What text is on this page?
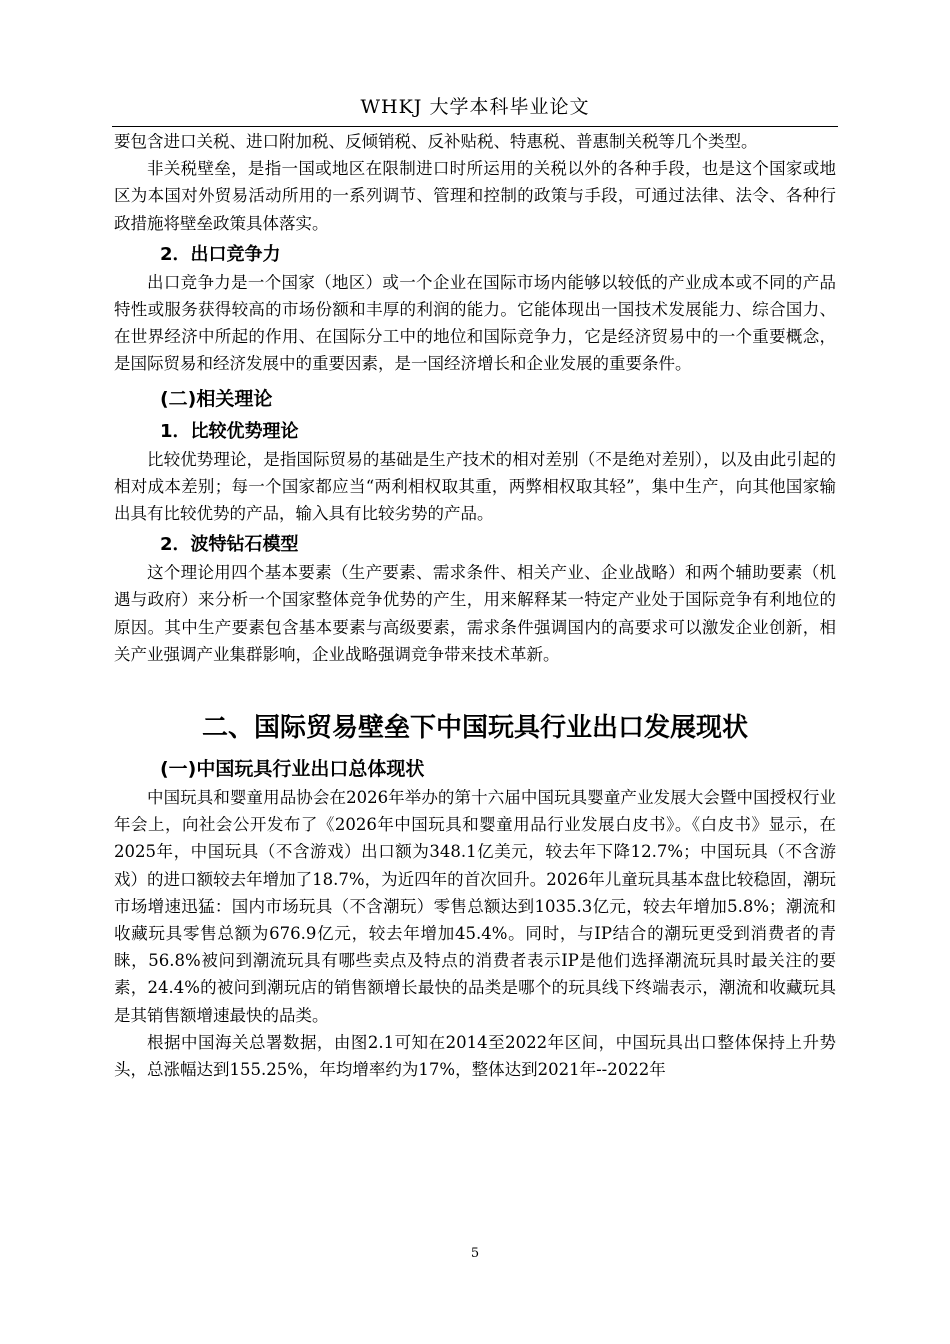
WHKJ 大学本科毕业论文

要包含进口关税、进口附加税、反倾销税、反补贴税、特惠税、普惠制关税等几个类型。

非关税壁垒，是指一国或地区在限制进口时所运用的关税以外的各种手段，也是这个国家或地区为本国对外贸易活动所用的一系列调节、管理和控制的政策与手段，可通过法律、法令、各种行政措施将壁垒政策具体落实。

2．出口竞争力

出口竞争力是一个国家（地区）或一个企业在国际市场内能够以较低的产业成本或不同的产品特性或服务获得较高的市场份额和丰厚的利润的能力。它能体现出一国技术发展能力、综合国力、在世界经济中所起的作用、在国际分工中的地位和国际竞争力，它是经济贸易中的一个重要概念，是国际贸易和经济发展中的重要因素，是一国经济增长和企业发展的重要条件。

(二)相关理论
1．比较优势理论

比较优势理论，是指国际贸易的基础是生产技术的相对差别（不是绝对差别），以及由此引起的相对成本差别；每一个国家都应当“两利相权取其重，两弊相权取其轻”，集中生产，向其他国家输出具有比较优势的产品，输入具有比较劣势的产品。

2．波特钻石模型

这个理论用四个基本要素（生产要素、需求条件、相关产业、企业战略）和两个辅助要素（机遇与政府）来分析一个国家整体竞争优势的产生，用来解释某一特定产业处于国际竞争有利地位的原因。其中生产要素包含基本要素与高级要素，需求条件强调国内的高要求可以激发企业创新，相关产业强调产业集群影响，企业战略强调竞争带来技术革新。

二、国际贸易壁垒下中国玩具行业出口发展现状
(一)中国玩具行业出口总体现状

中国玩具和婴童用品协会在2026年举办的第十六届中国玩具婴童产业发展大会暨中国授权行业年会上，向社会公开发布了《2026年中国玩具和婴童用品行业发展白皮书》。《白皮书》显示，在2025年，中国玩具（不含游戏）出口额为348.1亿美元，较去年下降12.7%；中国玩具（不含游戏）的进口额较去年增加了18.7%，为近四年的首次回升。2026年儿童玩具基本盘比较稳固，潮玩市场增速迅猛：国内市场玩具（不含潮玩）零售总额达到1035.3亿元，较去年增加5.8%；潮流和收藏玩具零售总额为676.9亿元，较去年增加45.4%。同时，与IP结合的潮玩更受到消费者的青睐，56.8%被问到潮流玩具有哪些卖点及特点的消费者表示IP是他们选择潮流玩具时最关注的要素，24.4%的被问到潮玩店的销售额增长最快的品类是哪个的玩具线下终端表示，潮流和收藏玩具是其销售额增速最快的品类。

根据中国海关总署数据，由图2.1可知在2014至2022年区间，中国玩具出口整体保持上升势头，总涨幅达到155.25%，年均增率约为17%，整体达到2021年--2022年

5
